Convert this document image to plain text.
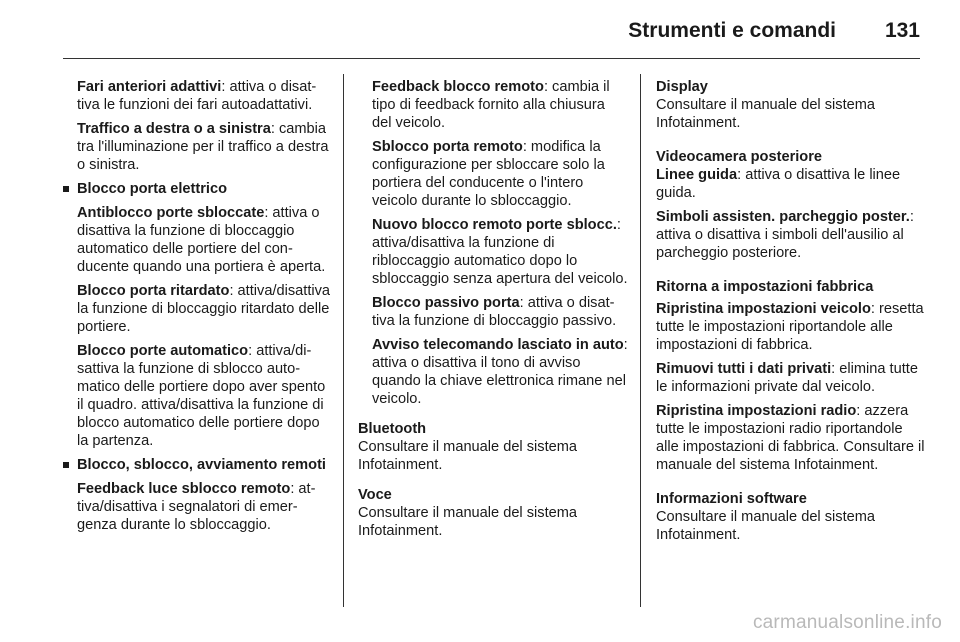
Strumenti e comandi 131

Fari anteriori adattivi: attiva o disattiva le funzioni dei fari autoadattativi.

Traffico a destra o a sinistra: cambia tra l'illuminazione per il traffico a destra o sinistra.

Blocco porta elettrico

Antiblocco porte sbloccate: attiva o disattiva la funzione di bloccaggio automatico delle portiere del conducente quando una portiera è aperta.

Blocco porta ritardato: attiva/disattiva la funzione di bloccaggio ritardato delle portiere.

Blocco porte automatico: attiva/disattiva la funzione di sblocco automatico delle portiere dopo aver spento il quadro. attiva/disattiva la funzione di blocco automatico delle portiere dopo la partenza.

Blocco, sblocco, avviamento remoti

Feedback luce sblocco remoto: attiva/disattiva i segnalatori di emergenza durante lo sbloccaggio.

Feedback blocco remoto: cambia il tipo di feedback fornito alla chiusura del veicolo.

Sblocco porta remoto: modifica la configurazione per sbloccare solo la portiera del conducente o l'intero veicolo durante lo sbloccaggio.

Nuovo blocco remoto porte sblocc.: attiva/disattiva la funzione di ribloccaggio automatico dopo lo sbloccaggio senza apertura del veicolo.

Blocco passivo porta: attiva o disattiva la funzione di bloccaggio passivo.

Avviso telecomando lasciato in auto: attiva o disattiva il tono di avviso quando la chiave elettronica rimane nel veicolo.

Bluetooth

Consultare il manuale del sistema Infotainment.

Voce

Consultare il manuale del sistema Infotainment.

Display

Consultare il manuale del sistema Infotainment.

Videocamera posteriore

Linee guida: attiva o disattiva le linee guida.

Simboli assisten. parcheggio poster.: attiva o disattiva i simboli dell'ausilio al parcheggio posteriore.

Ritorna a impostazioni fabbrica

Ripristina impostazioni veicolo: resetta tutte le impostazioni riportandole alle impostazioni di fabbrica.

Rimuovi tutti i dati privati: elimina tutte le informazioni private dal veicolo.

Ripristina impostazioni radio: azzera tutte le impostazioni radio riportandole alle impostazioni di fabbrica. Consultare il manuale del sistema Infotainment.

Informazioni software

Consultare il manuale del sistema Infotainment.

carmanualsonline.info
